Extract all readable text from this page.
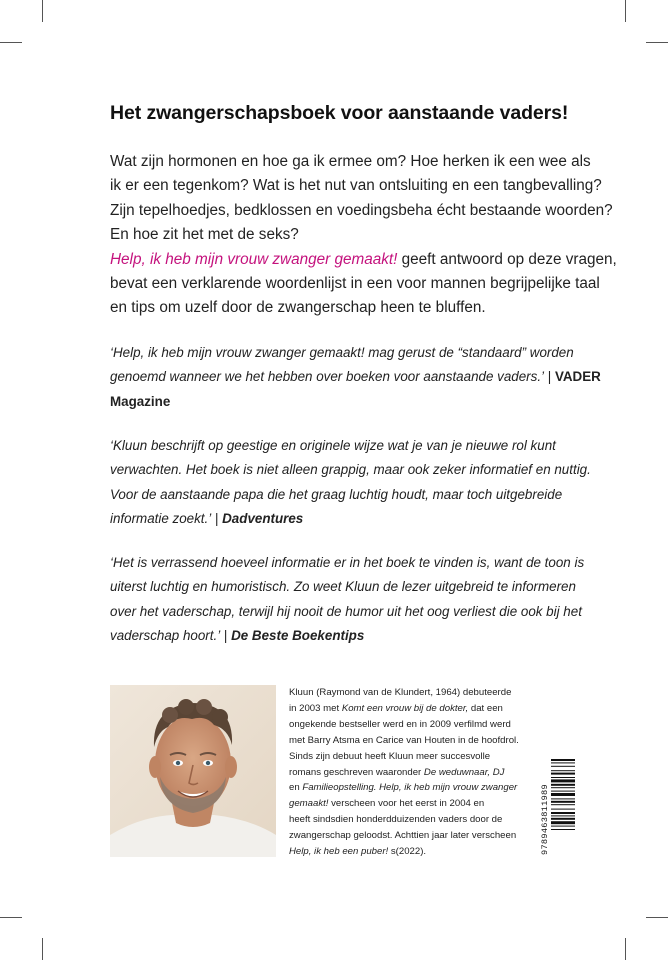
Het zwangerschapsboek voor aanstaande vaders!
Wat zijn hormonen en hoe ga ik ermee om? Hoe herken ik een wee als
ik er een tegenkom? Wat is het nut van ontsluiting en een tangbevalling?
Zijn tepelhoedjes, bedklossen en voedingsbeha écht bestaande woorden?
En hoe zit het met de seks?
Help, ik heb mijn vrouw zwanger gemaakt! geeft antwoord op deze vragen,
bevat een verklarende woordenlijst in een voor mannen begrijpelijke taal
en tips om uzelf door de zwangerschap heen te bluffen.
‘Help, ik heb mijn vrouw zwanger gemaakt! mag gerust de “standaard” worden
genoemd wanneer we het hebben over boeken voor aanstaande vaders.’ | VADER
Magazine
‘Kluun beschrijft op geestige en originele wijze wat je van je nieuwe rol kunt
verwachten. Het boek is niet alleen grappig, maar ook zeker informatief en nuttig.
Voor de aanstaande papa die het graag luchtig houdt, maar toch uitgebreide
informatie zoekt.’ | Dadventures
‘Het is verrassend hoeveel informatie er in het boek te vinden is, want de toon is
uiterst luchtig en humoristisch. Zo weet Kluun de lezer uitgebreid te informeren
over het vaderschap, terwijl hij nooit de humor uit het oog verliest die ook bij het
vaderschap hoort.’ | De Beste Boekentips
Kluun (Raymond van de Klundert, 1964) debuteerde
in 2003 met Komt een vrouw bij de dokter, dat een
ongekende bestseller werd en in 2009 verfilmd werd
met Barry Atsma en Carice van Houten in de hoofdrol.
Sinds zijn debuut heeft Kluun meer succesvolle
romans geschreven waaronder De weduwnaar, DJ
en Familieopstelling. Help, ik heb mijn vrouw zwanger
gemaakt! verscheen voor het eerst in 2004 en
heeft sindsdien honderdduizenden vaders door de
zwangerschap geloodst. Achttien jaar later verscheen
Help, ik heb een puber! s(2022).	9789463811989
